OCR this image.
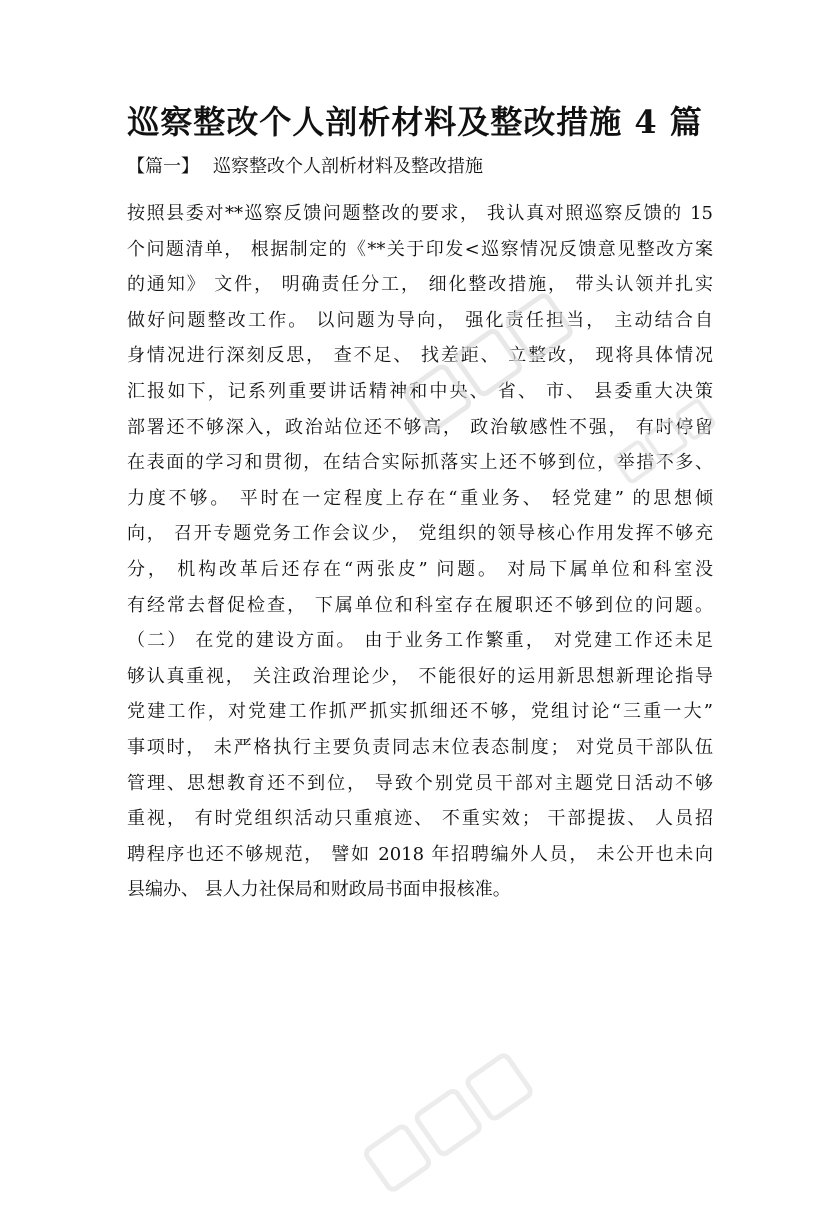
巡察整改个人剖析材料及整改措施 4 篇
【篇一】 巡察整改个人剖析材料及整改措施
按照县委对**巡察反馈问题整改的要求， 我认真对照巡察反馈的 15
个问题清单， 根据制定的《**关于印发<巡察情况反馈意见整改方案
的通知》 文件， 明确责任分工， 细化整改措施， 带头认领并扎实
做好问题整改工作。 以问题为导向， 强化责任担当， 主动结合自
身情况进行深刻反思， 查不足、 找差距、 立整改， 现将具体情况
汇报如下，记系列重要讲话精神和中央、 省、 市、 县委重大决策
部署还不够深入，政治站位还不够高， 政治敏感性不强， 有时停留
在表面的学习和贯彻，在结合实际抓落实上还不够到位，举措不多、
力度不够。 平时在一定程度上存在“重业务、 轻党建” 的思想倾
向， 召开专题党务工作会议少， 党组织的领导核心作用发挥不够充
分， 机构改革后还存在“两张皮” 问题。 对局下属单位和科室没
有经常去督促检查， 下属单位和科室存在履职还不够到位的问题。
（二） 在党的建设方面。 由于业务工作繁重， 对党建工作还未足
够认真重视， 关注政治理论少， 不能很好的运用新思想新理论指导
党建工作，对党建工作抓严抓实抓细还不够，党组讨论“三重一大”
事项时， 未严格执行主要负责同志末位表态制度； 对党员干部队伍
管理、思想教育还不到位， 导致个别党员干部对主题党日活动不够
重视， 有时党组织活动只重痕迹、 不重实效； 干部提拔、 人员招
聘程序也还不够规范， 譬如 2018 年招聘编外人员， 未公开也未向
县编办、 县人力社保局和财政局书面申报核准。
